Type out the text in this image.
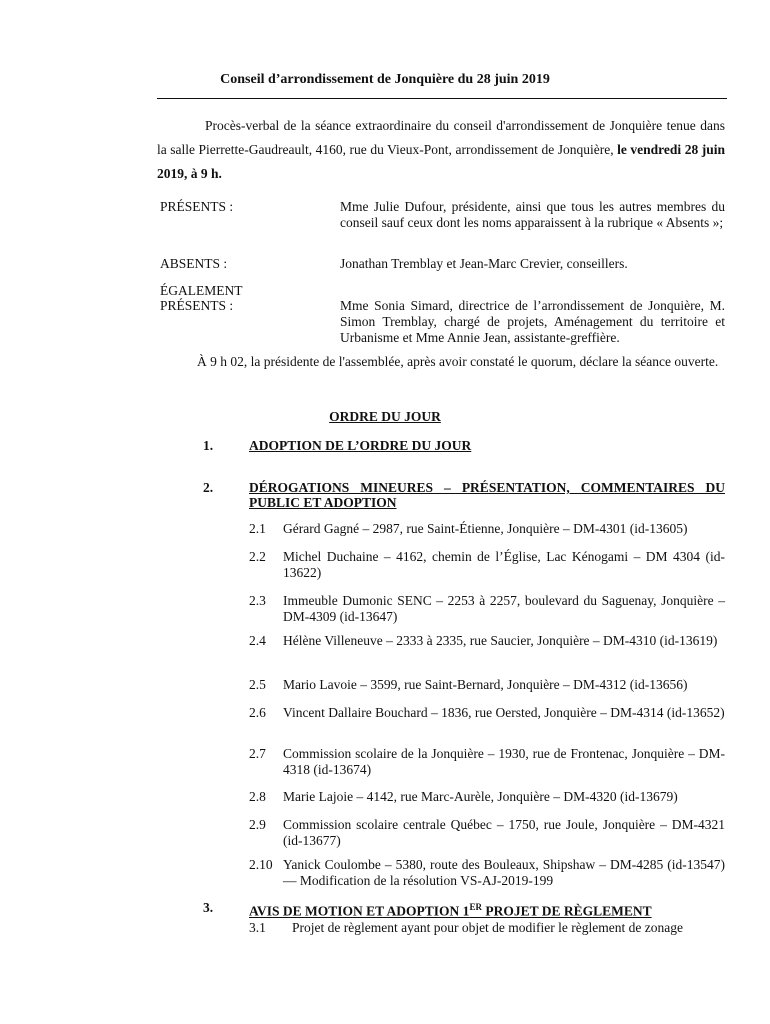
Conseil d’arrondissement de Jonquière du 28 juin 2019

Procès-verbal de la séance extraordinaire du conseil d'arrondissement de Jonquière tenue dans la salle Pierrette-Gaudreault, 4160, rue du Vieux-Pont, arrondissement de Jonquière, le vendredi 28 juin 2019, à 9 h.

PRÉSENTS :	Mme Julie Dufour, présidente, ainsi que tous les autres membres du conseil sauf ceux dont les noms apparaissent à la rubrique « Absents »;

ABSENTS :	Jonathan Tremblay et Jean-Marc Crevier, conseillers.

ÉGALEMENT
PRÉSENTS :	Mme Sonia Simard, directrice de l’arrondissement de Jonquière, M. Simon Tremblay, chargé de projets, Aménagement du territoire et Urbanisme et Mme Annie Jean, assistante-greffière.

À 9 h 02, la présidente de l'assemblée, après avoir constaté le quorum, déclare la séance ouverte.

ORDRE DU JOUR
1.	ADOPTION DE L’ORDRE DU JOUR

2.	DÉROGATIONS MINEURES – PRÉSENTATION, COMMENTAIRES DU PUBLIC ET ADOPTION

2.1 Gérard Gagné – 2987, rue Saint-Étienne, Jonquière – DM-4301 (id-13605)

2.2 Michel Duchaine – 4162, chemin de l’Église, Lac Kénogami – DM 4304 (id-13622)

2.3 Immeuble Dumonic SENC – 2253 à 2257, boulevard du Saguenay, Jonquière – DM-4309 (id-13647)

2.4 Hélène Villeneuve – 2333 à 2335, rue Saucier, Jonquière – DM-4310 (id-13619)

2.5 Mario Lavoie – 3599, rue Saint-Bernard, Jonquière – DM-4312 (id-13656)

2.6 Vincent Dallaire Bouchard – 1836, rue Oersted, Jonquière – DM-4314 (id-13652)

2.7 Commission scolaire de la Jonquière – 1930, rue de Frontenac, Jonquière – DM-4318 (id-13674)

2.8 Marie Lajoie – 4142, rue Marc-Aurèle, Jonquière – DM-4320 (id-13679)

2.9 Commission scolaire centrale Québec – 1750, rue Joule, Jonquière – DM-4321 (id-13677)

2.10 Yanick Coulombe – 5380, route des Bouleaux, Shipshaw – DM-4285 (id-13547) — Modification de la résolution VS-AJ-2019-199

3.	AVIS DE MOTION ET ADOPTION 1ER PROJET DE RÈGLEMENT

3.1 Projet de règlement ayant pour objet de modifier le règlement de zonage
